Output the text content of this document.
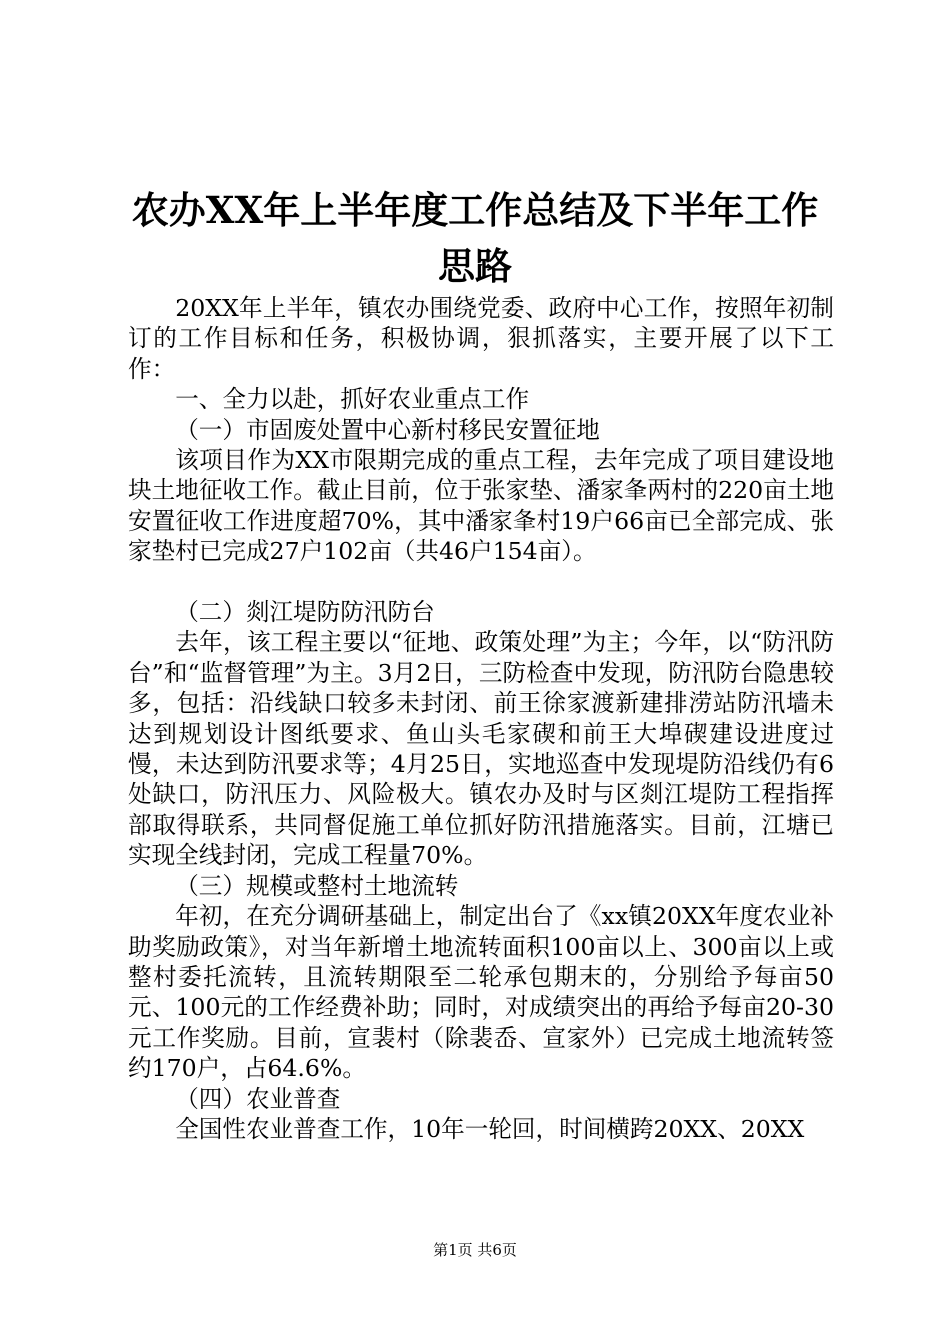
农办XX年上半年度工作总结及下半年工作思路

20XX年上半年，镇农办围绕党委、政府中心工作，按照年初制订的工作目标和任务，积极协调，狠抓落实，主要开展了以下工作：

一、全力以赴，抓好农业重点工作

（一）市固废处置中心新村移民安置征地

该项目作为XX市限期完成的重点工程，去年完成了项目建设地块土地征收工作。截止目前，位于张家垫、潘家夆两村的220亩土地安置征收工作进度超70%，其中潘家夆村19户66亩已全部完成、张家垫村已完成27户102亩（共46户154亩）。

（二）剡江堤防防汛防台

去年，该工程主要以“征地、政策处理”为主；今年，以“防汛防台”和“监督管理”为主。3月2日，三防检查中发现，防汛防台隐患较多，包括：沿线缺口较多未封闭、前王徐家渡新建排涝站防汛墙未达到规划设计图纸要求、鱼山头毛家碶和前王大埠碶建设进度过慢，未达到防汛要求等；4月25日，实地巡查中发现堤防沿线仍有6处缺口，防汛压力、风险极大。镇农办及时与区剡江堤防工程指挥部取得联系，共同督促施工单位抓好防汛措施落实。目前，江塘已实现全线封闭，完成工程量70%。

（三）规模或整村土地流转

年初，在充分调研基础上，制定出台了《xx镇20XX年度农业补助奖励政策》，对当年新增土地流转面积100亩以上、300亩以上或整村委托流转，且流转期限至二轮承包期末的，分别给予每亩50元、100元的工作经费补助；同时，对成绩突出的再给予每亩20-30元工作奖励。目前，宣裴村（除裴岙、宣家外）已完成土地流转签约170户，占64.6%。

（四）农业普查

全国性农业普查工作，10年一轮回，时间横跨20XX、20XX

第1页 共6页
